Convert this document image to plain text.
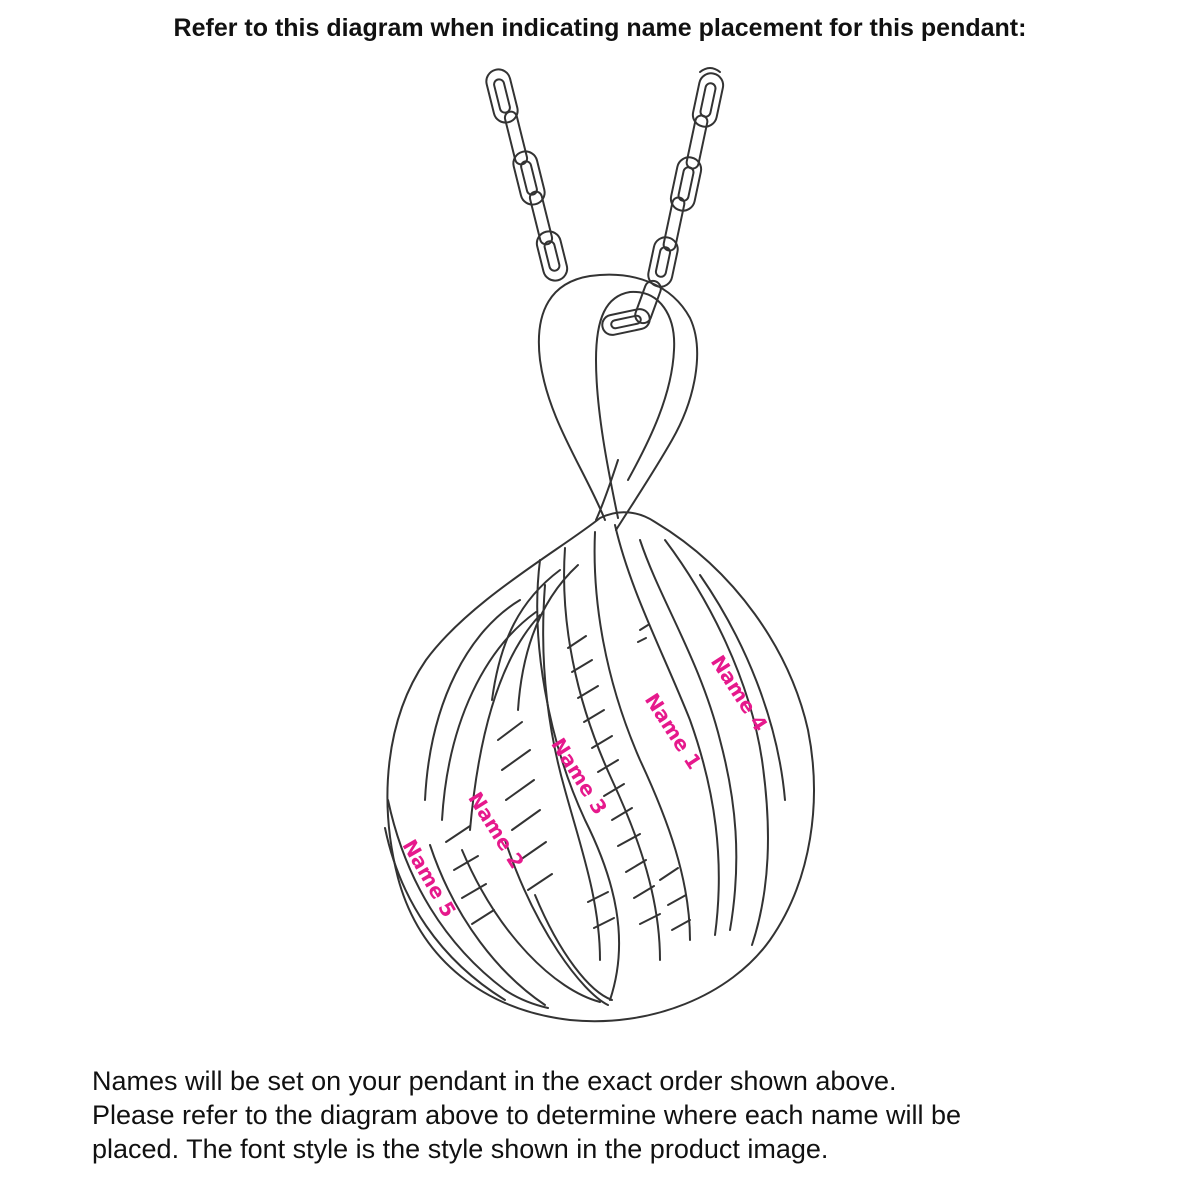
Refer to this diagram when indicating name placement for this pendant:
Name 4
Name 1
Name 3
Name 2
Name 5
Names will be set on your pendant in the exact order shown above.
Please refer to the diagram above to determine where each name will be
placed. The font style is the style shown in the product image.
